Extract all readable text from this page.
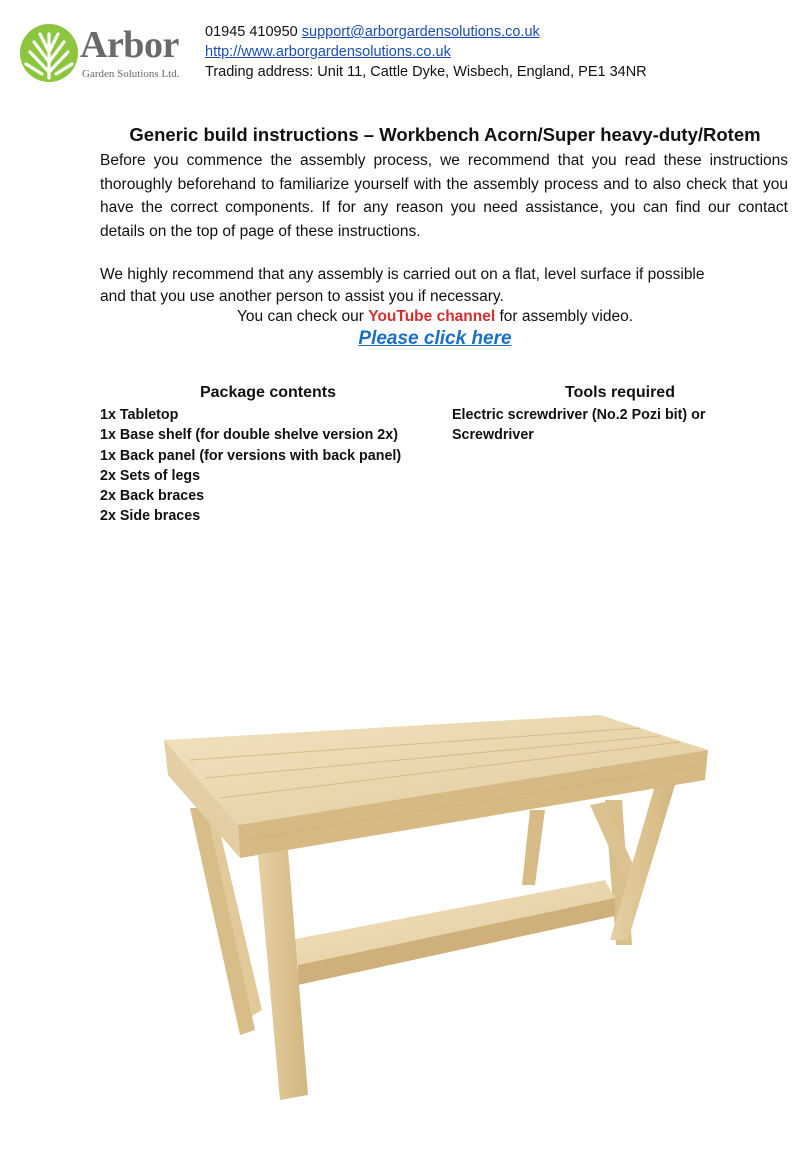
Arbor
Garden Solutions Ltd.
01945 410950 support@arborgardensolutions.co.uk
http://www.arborgardensolutions.co.uk
Trading address: Unit 11, Cattle Dyke, Wisbech, England, PE1 34NR
Generic build instructions – Workbench Acorn/Super heavy-duty/Rotem
Before you commence the assembly process, we recommend that you read these instructions thoroughly beforehand to familiarize yourself with the assembly process and to also check that you have the correct components. If for any reason you need assistance, you can find our contact details on the top of page of these instructions.
We highly recommend that any assembly is carried out on a flat, level surface if possible
and that you use another person to assist you if necessary.
You can check our YouTube channel for assembly video.
Please click here
Package contents	Tools required
1x Tabletop
1x Base shelf (for double shelve version 2x)
1x Back panel (for versions with back panel)
2x Sets of legs
2x Back braces
2x Side braces
Electric screwdriver (No.2 Pozi bit) or
Screwdriver
